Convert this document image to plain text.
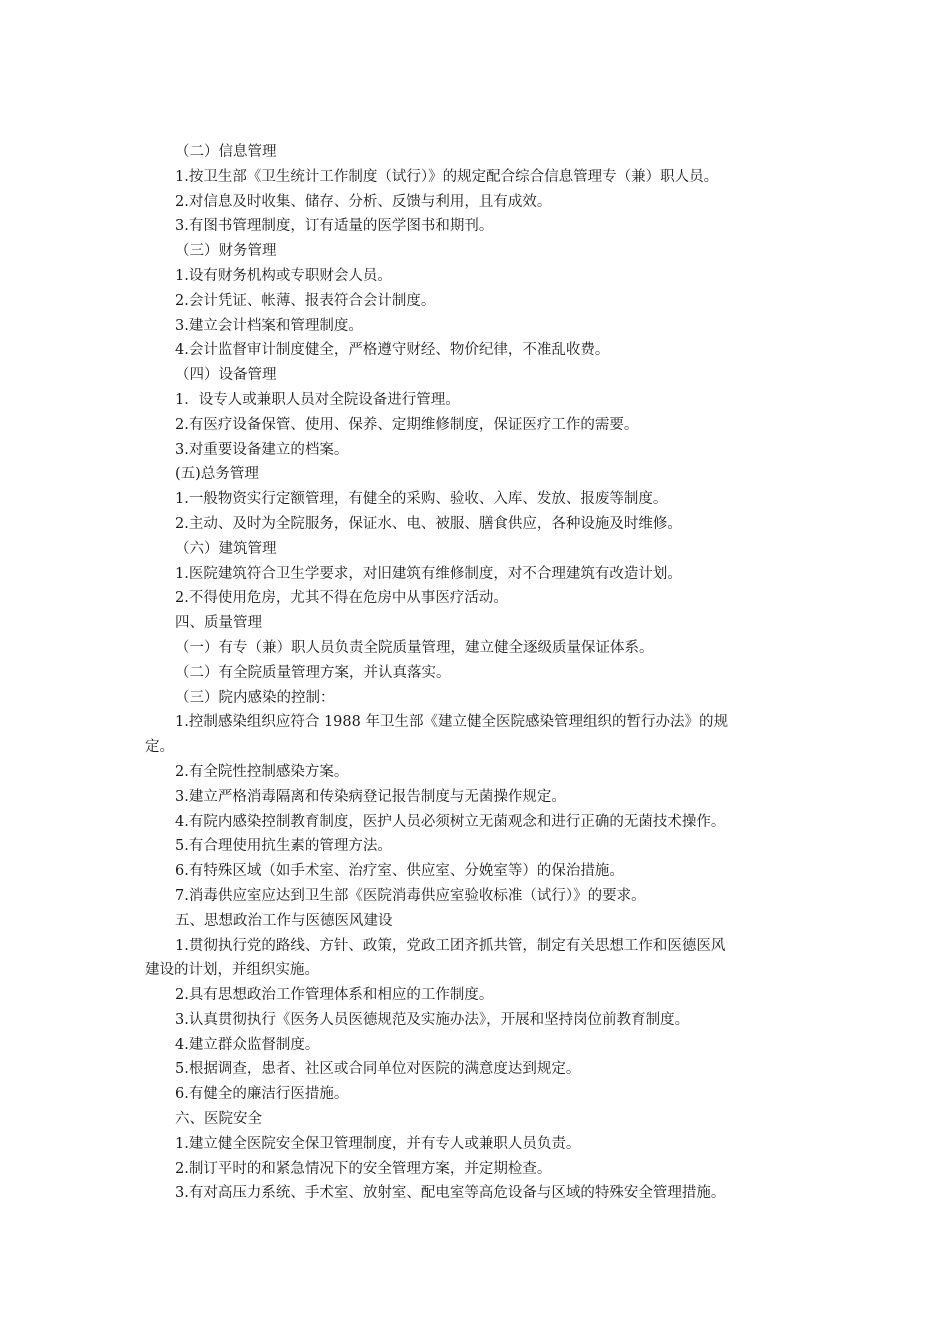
（二）信息管理
1.按卫生部《卫生统计工作制度（试行）》的规定配合综合信息管理专（兼）职人员。
2.对信息及时收集、储存、分析、反馈与利用，且有成效。
3.有图书管理制度，订有适量的医学图书和期刊。
（三）财务管理
1.设有财务机构或专职财会人员。
2.会计凭证、帐薄、报表符合会计制度。
3.建立会计档案和管理制度。
4.会计监督审计制度健全，严格遵守财经、物价纪律，不准乱收费。
（四）设备管理
1．设专人或兼职人员对全院设备进行管理。
2.有医疗设备保管、使用、保养、定期维修制度，保证医疗工作的需要。
3.对重要设备建立的档案。
(五)总务管理
1.一般物资实行定额管理，有健全的采购、验收、入库、发放、报废等制度。
2.主动、及时为全院服务，保证水、电、被服、膳食供应，各种设施及时维修。
（六）建筑管理
1.医院建筑符合卫生学要求，对旧建筑有维修制度，对不合理建筑有改造计划。
2.不得使用危房，尤其不得在危房中从事医疗活动。
四、质量管理
（一）有专（兼）职人员负责全院质量管理，建立健全逐级质量保证体系。
（二）有全院质量管理方案，并认真落实。
（三）院内感染的控制：
1.控制感染组织应符合 1988 年卫生部《建立健全医院感染管理组织的暂行办法》的规
定。
2.有全院性控制感染方案。
3.建立严格消毒隔离和传染病登记报告制度与无菌操作规定。
4.有院内感染控制教育制度，医护人员必须树立无菌观念和进行正确的无菌技术操作。
5.有合理使用抗生素的管理方法。
6.有特殊区域（如手术室、治疗室、供应室、分娩室等）的保治措施。
7.消毒供应室应达到卫生部《医院消毒供应室验收标准（试行）》的要求。
五、思想政治工作与医德医风建设
1.贯彻执行党的路线、方针、政策，党政工团齐抓共管，制定有关思想工作和医德医风
建设的计划，并组织实施。
2.具有思想政治工作管理体系和相应的工作制度。
3.认真贯彻执行《医务人员医德规范及实施办法》，开展和坚持岗位前教育制度。
4.建立群众监督制度。
5.根据调查，患者、社区或合同单位对医院的满意度达到规定。
6.有健全的廉洁行医措施。
六、医院安全
1.建立健全医院安全保卫管理制度，并有专人或兼职人员负责。
2.制订平时的和紧急情况下的安全管理方案，并定期检查。
3.有对高压力系统、手术室、放射室、配电室等高危设备与区域的特殊安全管理措施。
